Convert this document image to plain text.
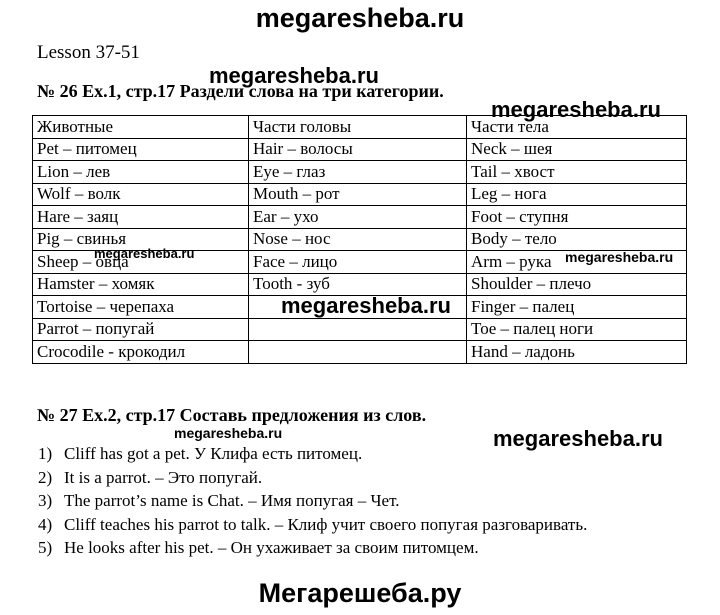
megaresheba.ru
Lesson 37-51
№ 26 Ex.1, стр.17 Раздели слова на три категории.
Животные	Части головы	Части тела
Pet – питомец	Hair – волосы	Neck – шея
Lion – лев	Eye – глаз	Tail – хвост
Wolf – волк	Mouth – рот	Leg – нога
Hare – заяц	Ear – ухо	Foot – ступня
Pig – свинья	Nose – нос	Body – тело
Sheep – овца	Face – лицо	Arm – рука
Hamster – хомяк	Tooth - зуб	Shoulder – плечо
Tortoise – черепаха		Finger – палец
Parrot – попугай		Toe – палец ноги
Crocodile - крокодил		Hand – ладонь
№ 27 Ex.2, стр.17 Составь предложения из слов.
1) Cliff has got a pet. У Клифа есть питомец.
2) It is a parrot. – Это попугай.
3) The parrot’s name is Chat. – Имя попугая – Чет.
4) Cliff teaches his parrot to talk. – Клиф учит своего попугая разговаривать.
5) He looks after his pet. – Он ухаживает за своим питомцем.
megaresheba.ru
megaresheba.ru
megaresheba.ru
megaresheba.ru
megaresheba.ru	megaresheba.ru
megaresheba.ru
Мегарешеба.ру
